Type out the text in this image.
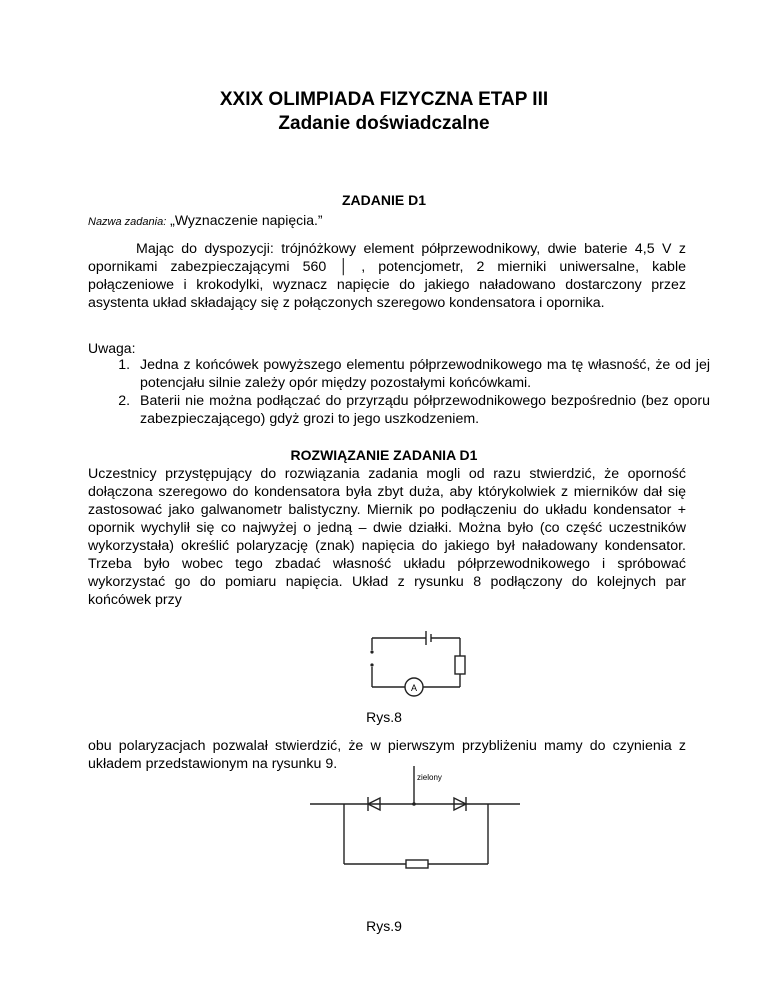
XXIX OLIMPIADA FIZYCZNA ETAP III
Zadanie doświadczalne
ZADANIE D1
Nazwa zadania: „Wyznaczenie napięcia.”

Mając do dyspozycji: trójnóżkowy element półprzewodnikowy, dwie baterie 4,5 V z opornikami zabezpieczającymi 560 │ , potencjometr, 2 mierniki uniwersalne, kable połączeniowe i krokodylki, wyznacz napięcie do jakiego naładowano dostarczony przez asystenta układ składający się z połączonych szeregowo kondensatora i opornika.

Uwaga:
1. Jedna z końcówek powyższego elementu półprzewodnikowego ma tę własność, że od jej potencjału silnie zależy opór między pozostałymi końcówkami.
2. Baterii nie można podłączać do przyrządu półprzewodnikowego bezpośrednio (bez oporu zabezpieczającego) gdyż grozi to jego uszkodzeniem.
ROZWIĄZANIE ZADANIA D1

Uczestnicy przystępujący do rozwiązania zadania mogli od razu stwierdzić, że oporność dołączona szeregowo do kondensatora była zbyt duża, aby którykolwiek z mierników dał się zastosować jako galwanometr balistyczny. Miernik po podłączeniu do układu kondensator + opornik wychylił się co najwyżej o jedną – dwie działki. Można było (co część uczestników wykorzystała) określić polaryzację (znak) napięcia do jakiego był naładowany kondensator. Trzeba było wobec tego zbadać własność układu półprzewodnikowego i spróbować wykorzystać go do pomiaru napięcia. Układ z rysunku 8 podłączony do kolejnych par końcówek przy

A
Rys.8

obu polaryzacjach pozwalał stwierdzić, że w pierwszym przybliżeniu mamy do czynienia z układem przedstawionym na rysunku 9.

zielony
Rys.9
